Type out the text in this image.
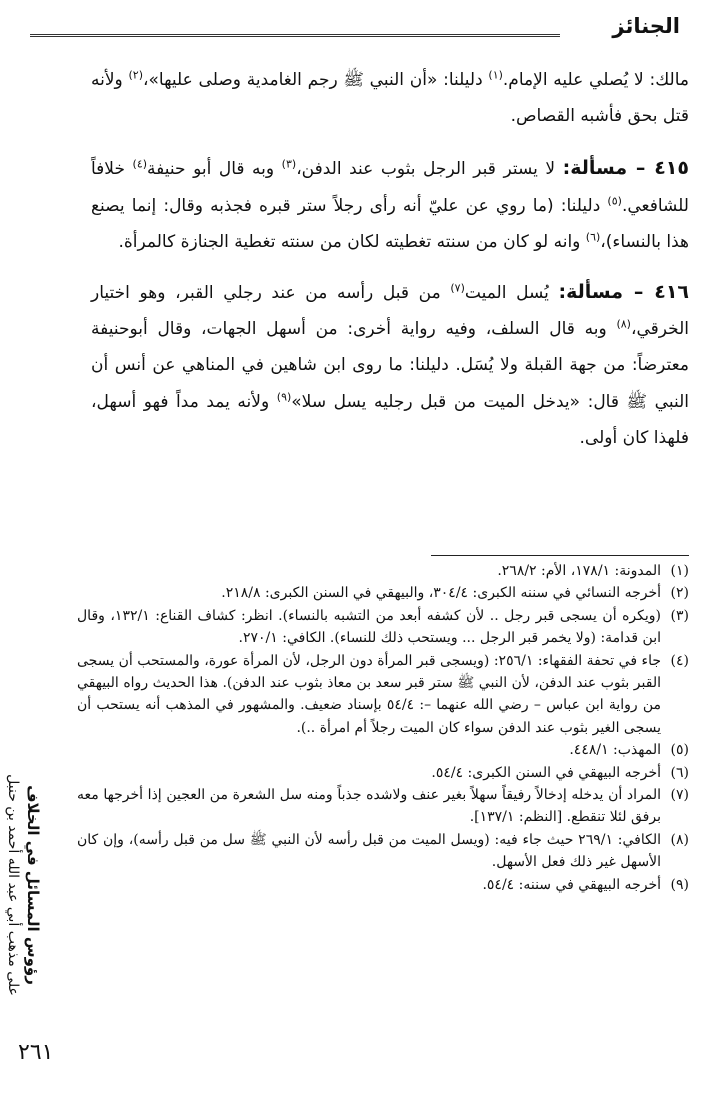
الجنائز

مالك: لا يُصلي عليه الإمام.$^{(١)}$ دليلنا: «أن النبي ﷺ رجم الغامدية وصلى عليها»،$^{(٢)}$ ولأنه قتل بحق فأشبه القصاص.

٤١٥ – مسألة: لا يستر قبر الرجل بثوب عند الدفن،$^{(٣)}$ وبه قال أبو حنيفة$^{(٤)}$ خلافاً للشافعي.$^{(٥)}$ دليلنا: (ما روي عن عليّ أنه رأى رجلاً ستر قبره فجذبه وقال: إنما يصنع هذا بالنساء)،$^{(٦)}$ وانه لو كان من سنته تغطيته لكان من سنته تغطية الجنازة كالمرأة.

٤١٦ – مسألة: يُسل الميت$^{(٧)}$ من قبل رأسه من عند رجلي القبر، وهو اختيار الخرقي،$^{(٨)}$ وبه قال السلف، وفيه رواية أخرى: من أسهل الجهات، وقال أبوحنيفة معترضاً: من جهة القبلة ولا يُسَل. دليلنا: ما روى ابن شاهين في المناهي عن أنس أن النبي ﷺ قال: «يدخل الميت من قبل رجليه يسل سلا»$^{(٩)}$ ولأنه يمد مداً فهو أسهل، فلهذا كان أولى.

(١)
المدونة: ١٧٨/١، الأم: ٢٦٨/٢.

(٢)
أخرجه النسائي في سننه الكبرى: ٣٠٤/٤، والبيهقي في السنن الكبرى: ٢١٨/٨.

(٣)
(ويكره أن يسجى قبر رجل .. لأن كشفه أبعد من التشبه بالنساء). انظر: كشاف القناع: ١٣٢/١، وقال ابن قدامة: (ولا يخمر قبر الرجل ... ويستحب ذلك للنساء). الكافي: ٢٧٠/١.

(٤)
جاء في تحفة الفقهاء: ٢٥٦/١: (ويسجى قبر المرأة دون الرجل، لأن المرأة عورة، والمستحب أن يسجى القبر بثوب عند الدفن، لأن النبي ﷺ ستر قبر سعد بن معاذ بثوب عند الدفن). هذا الحديث رواه البيهقي من رواية ابن عباس – رضي الله عنهما –: ٥٤/٤ بإسناد ضعيف. والمشهور في المذهب أنه يستحب أن يسجى الغير بثوب عند الدفن سواء كان الميت رجلاً أم امرأة ..).

(٥)
المهذب: ٤٤٨/١.

(٦)
أخرجه البيهقي في السنن الكبرى: ٥٤/٤.

(٧)
المراد أن يدخله إدخالاً رفيقاً سهلاً بغير عنف ولاشده جذباً ومنه سل الشعرة من العجين إذا أخرجها معه برفق لئلا تنقطع. [النظم: ١٣٧/١].

(٨)
الكافي: ٢٦٩/١ حيث جاء فيه: (ويسل الميت من قبل رأسه لأن النبي ﷺ سل من قبل رأسه)، وإن كان الأسهل غير ذلك فعل الأسهل.

(٩)
أخرجه البيهقي في سننه: ٥٤/٤.

رؤوس المسائل في الخلاف
على مذهب أبي عبد الله أحمد بن حنبل
٢٦١
